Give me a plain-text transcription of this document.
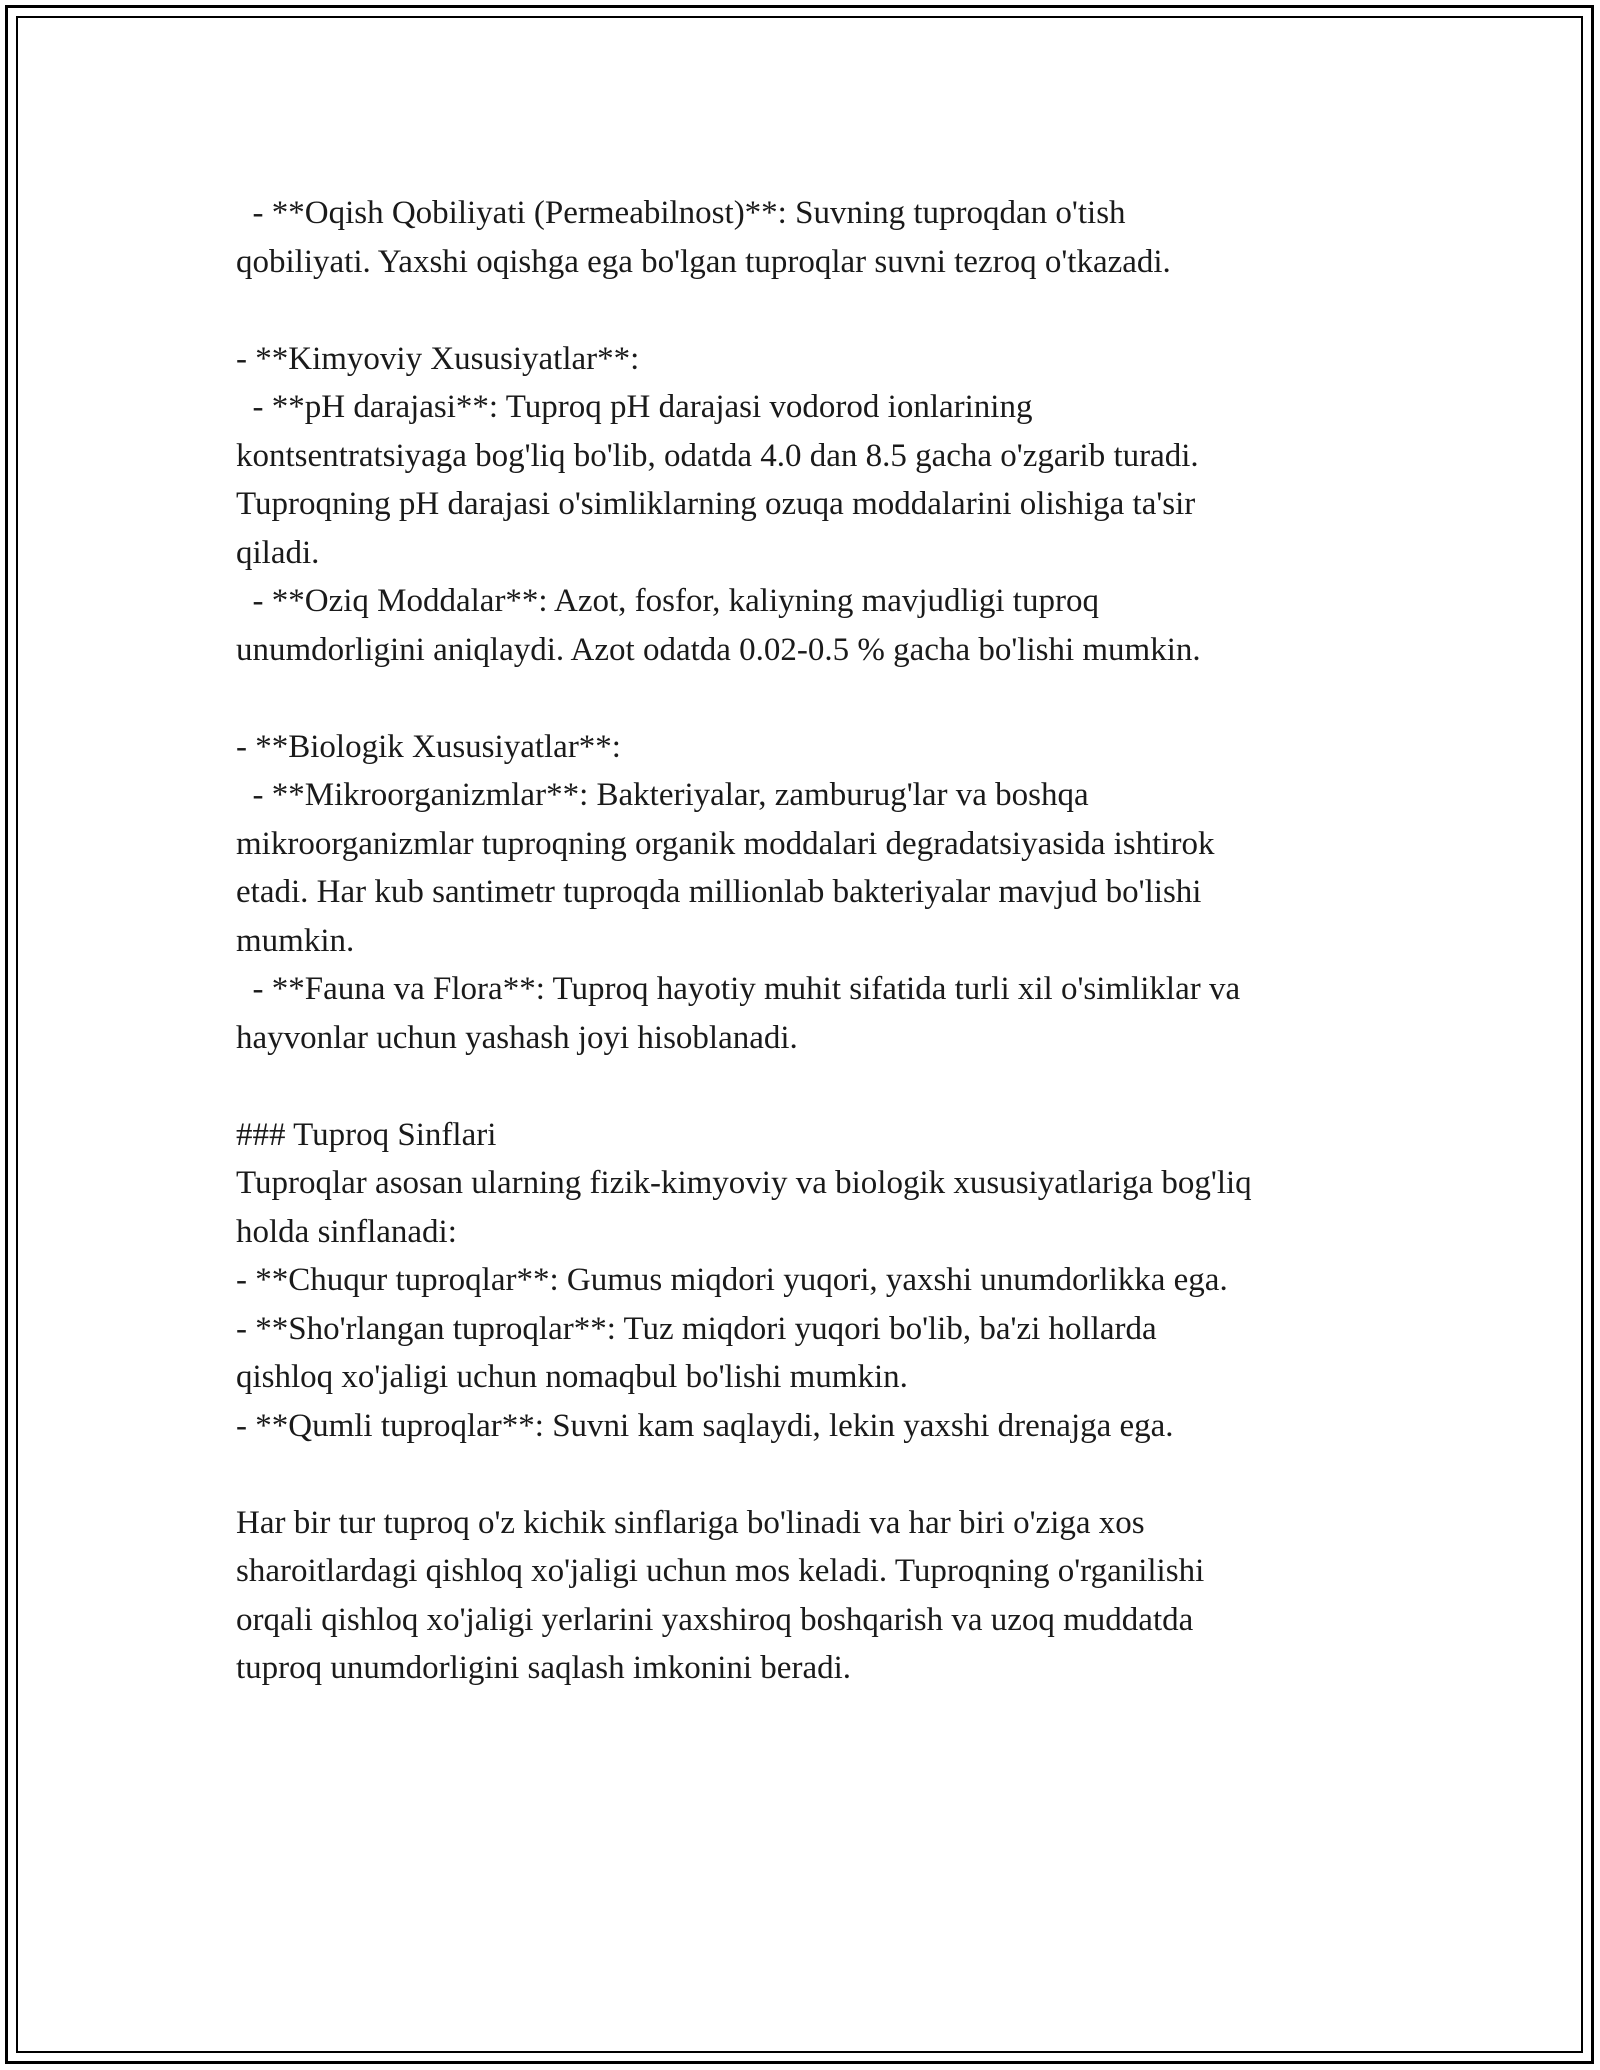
- **Oqish Qobiliyati (Permeabilnost)**: Suvning tuproqdan o'tish
qobiliyati. Yaxshi oqishga ega bo'lgan tuproqlar suvni tezroq o'tkazadi.
- **Kimyoviy Xususiyatlar**:
- **pH darajasi**: Tuproq pH darajasi vodorod ionlarining
kontsentratsiyaga bog'liq bo'lib, odatda 4.0 dan 8.5 gacha o'zgarib turadi.
Tuproqning pH darajasi o'simliklarning ozuqa moddalarini olishiga ta'sir
qiladi.
- **Oziq Moddalar**: Azot, fosfor, kaliyning mavjudligi tuproq
unumdorligini aniqlaydi. Azot odatda 0.02-0.5 % gacha bo'lishi mumkin.
- **Biologik Xususiyatlar**:
- **Mikroorganizmlar**: Bakteriyalar, zamburug'lar va boshqa
mikroorganizmlar tuproqning organik moddalari degradatsiyasida ishtirok
etadi. Har kub santimetr tuproqda millionlab bakteriyalar mavjud bo'lishi
mumkin.
- **Fauna va Flora**: Tuproq hayotiy muhit sifatida turli xil o'simliklar va
hayvonlar uchun yashash joyi hisoblanadi.
### Tuproq Sinflari
Tuproqlar asosan ularning fizik-kimyoviy va biologik xususiyatlariga bog'liq
holda sinflanadi:
- **Chuqur tuproqlar**: Gumus miqdori yuqori, yaxshi unumdorlikka ega.
- **Sho'rlangan tuproqlar**: Tuz miqdori yuqori bo'lib, ba'zi hollarda
qishloq xo'jaligi uchun nomaqbul bo'lishi mumkin.
- **Qumli tuproqlar**: Suvni kam saqlaydi, lekin yaxshi drenajga ega.
Har bir tur tuproq o'z kichik sinflariga bo'linadi va har biri o'ziga xos
sharoitlardagi qishloq xo'jaligi uchun mos keladi. Tuproqning o'rganilishi
orqali qishloq xo'jaligi yerlarini yaxshiroq boshqarish va uzoq muddatda
tuproq unumdorligini saqlash imkonini beradi.
